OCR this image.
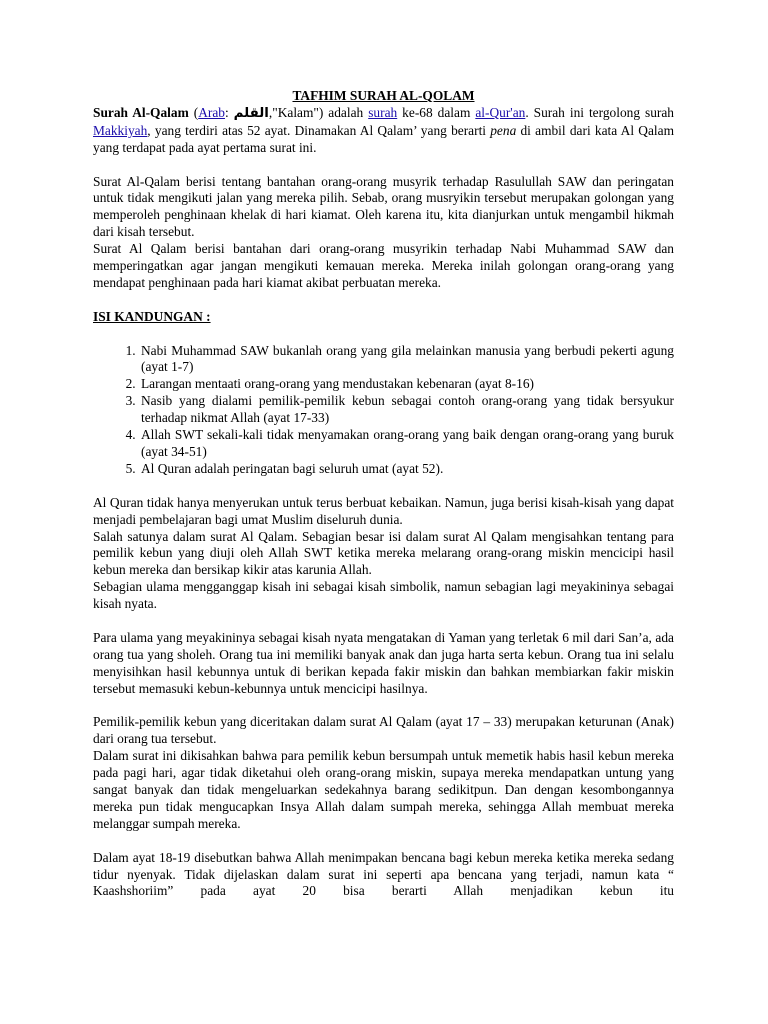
TAFHIM SURAH AL-QOLAM

Surah Al-Qalam (Arab: القلم,"Kalam") adalah surah ke-68 dalam al-Qur'an. Surah ini tergolong surah Makkiyah, yang terdiri atas 52 ayat. Dinamakan Al Qalam’ yang berarti pena di ambil dari kata Al Qalam yang terdapat pada ayat pertama surat ini.

Surat Al-Qalam berisi tentang bantahan orang-orang musyrik terhadap Rasulullah SAW dan peringatan untuk tidak mengikuti jalan yang mereka pilih. Sebab, orang musryikin tersebut merupakan golongan yang memperoleh penghinaan khelak di hari kiamat. Oleh karena itu, kita dianjurkan untuk mengambil hikmah dari kisah tersebut.

Surat Al Qalam berisi bantahan dari orang-orang musyrikin terhadap Nabi Muhammad SAW dan memperingatkan agar jangan mengikuti kemauan mereka. Mereka inilah golongan orang-orang yang mendapat penghinaan pada hari kiamat akibat perbuatan mereka.

ISI KANDUNGAN :

1. Nabi Muhammad SAW bukanlah orang yang gila melainkan manusia yang berbudi pekerti agung (ayat 1-7)
2. Larangan mentaati orang-orang yang mendustakan kebenaran (ayat 8-16)
3. Nasib yang dialami pemilik-pemilik kebun sebagai contoh orang-orang yang tidak bersyukur terhadap nikmat Allah (ayat 17-33)
4. Allah SWT sekali-kali tidak menyamakan orang-orang yang baik dengan orang-orang yang buruk (ayat 34-51)
5. Al Quran adalah peringatan bagi seluruh umat (ayat 52).

Al Quran tidak hanya menyerukan untuk terus berbuat kebaikan. Namun, juga berisi kisah-kisah yang dapat menjadi pembelajaran bagi umat Muslim diseluruh dunia.

Salah satunya dalam surat Al Qalam. Sebagian besar isi dalam surat Al Qalam mengisahkan tentang para pemilik kebun yang diuji oleh Allah SWT ketika mereka melarang orang-orang miskin mencicipi hasil kebun mereka dan bersikap kikir atas karunia Allah.

Sebagian ulama mengganggap kisah ini sebagai kisah simbolik, namun sebagian lagi meyakininya sebagai kisah nyata.

Para ulama yang meyakininya sebagai kisah nyata mengatakan di Yaman yang terletak 6 mil dari San’a, ada orang tua yang sholeh. Orang tua ini memiliki banyak anak dan juga harta serta kebun. Orang tua ini selalu menyisihkan hasil kebunnya untuk di berikan kepada fakir miskin dan bahkan membiarkan fakir miskin tersebut memasuki kebun-kebunnya untuk mencicipi hasilnya.

Pemilik-pemilik kebun yang diceritakan dalam surat Al Qalam (ayat 17 – 33) merupakan keturunan (Anak) dari orang tua tersebut.

Dalam surat ini dikisahkan bahwa para pemilik kebun bersumpah untuk memetik habis hasil kebun mereka pada pagi hari, agar tidak diketahui oleh orang-orang miskin, supaya mereka mendapatkan untung yang sangat banyak dan tidak mengeluarkan sedekahnya barang sedikitpun. Dan dengan kesombongannya mereka pun tidak mengucapkan Insya Allah dalam sumpah mereka, sehingga Allah membuat mereka melanggar sumpah mereka.

Dalam ayat 18-19 disebutkan bahwa Allah menimpakan bencana bagi kebun mereka ketika mereka sedang tidur nyenyak. Tidak dijelaskan dalam surat ini seperti apa bencana yang terjadi, namun kata “ Kaashshoriim” pada ayat 20 bisa berarti Allah menjadikan kebun itu
